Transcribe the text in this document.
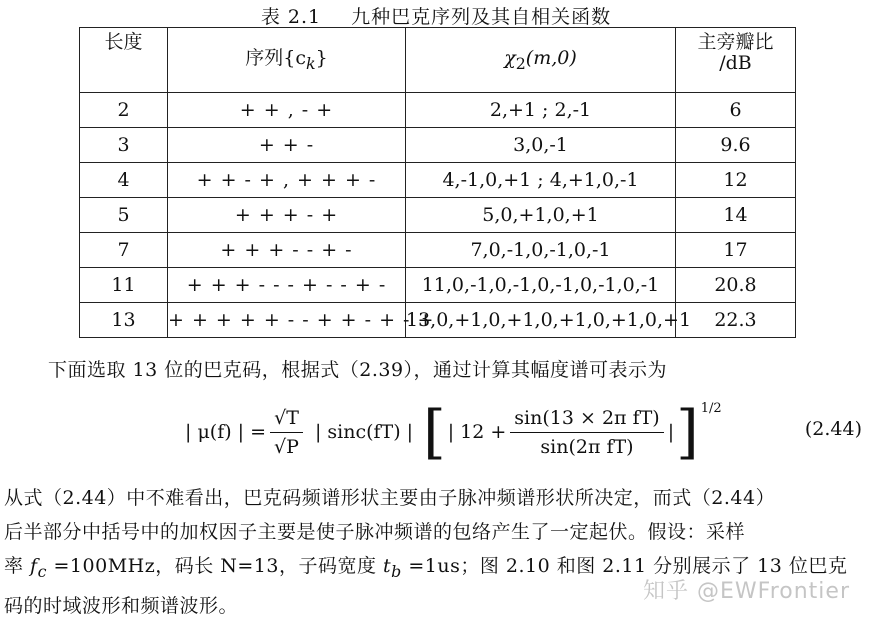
表 2.1 九种巴克序列及其自相关函数
长度	序列$\{c_k\}$	$\chi_2(m,0)$	主旁瓣比
/dB
2	+ + , - +	2,+1 ; 2,-1	6
3	+ + -	3,0,-1	9.6
4	+ + - + , + + + -	4,-1,0,+1 ; 4,+1,0,-1	12
5	+ + + - +	5,0,+1,0,+1	14
7	+ + + - - + -	7,0,-1,0,-1,0,-1	17
11	+ + + - - - + - - + -	11,0,-1,0,-1,0,-1,0,-1,0,-1	20.8
13	+ + + + + - - + + - + - +	13,0,+1,0,+1,0,+1,0,+1,0,+1	22.3
下面选取 13 位的巴克码，根据式（2.39），通过计算其幅度谱可表示为
| μ(f) | = $\frac{√T}{√P}$ | sinc(fT) | [ | $12 + \frac{\text{sin(13 × 2π fT)}}{\text{sin(2π fT)}}$ | ] 1/2
(2.44)
从式（2.44）中不难看出，巴克码频谱形状主要由子脉冲频谱形状所决定，而式（2.44）
后半部分中括号中的加权因子主要是使子脉冲频谱的包络产生了一定起伏。假设：采样
率 $f_c =100MHz$，码长 N=13，子码宽度 $t_b =1us$；图 2.10 和图 2.11 分别展示了 13 位巴克
码的时域波形和频谱波形。
知乎 @EWFrontier
